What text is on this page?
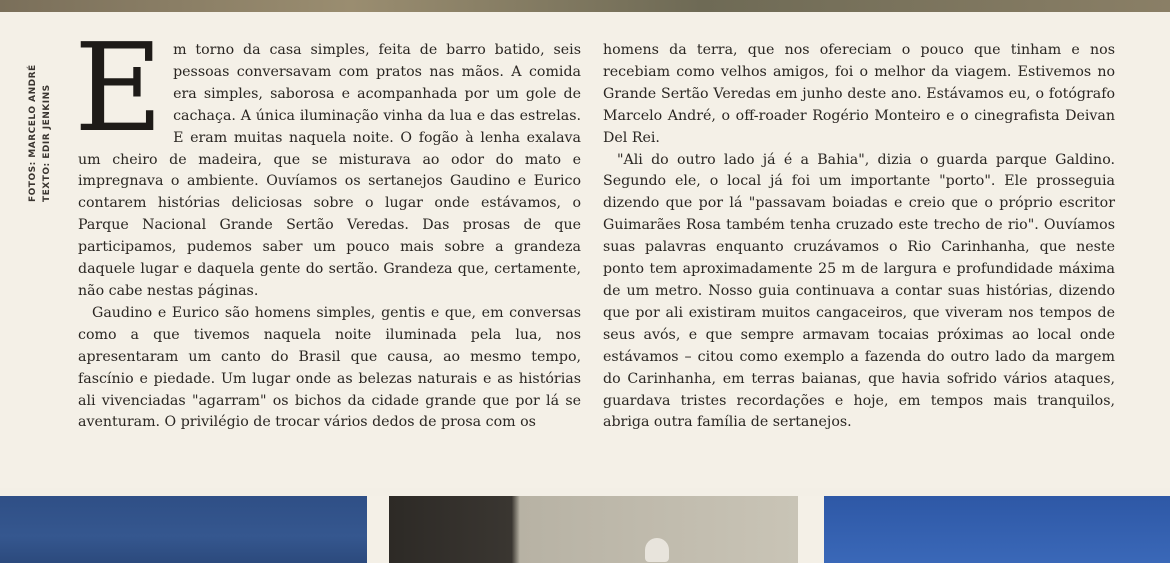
FOTOS: MARCELO ANDRÉ TEXTO: EDIR JENKINS E m torno da casa simples, feita de barro batido, seis pessoas conversavam com pratos nas mãos. A comida era simples, saborosa e acompanhada por um gole de cachaça. A única iluminação vinha da lua e das estrelas. E eram muitas naquela noite. O fogão à lenha exalava um cheiro de madeira, que se misturava ao odor do mato e impregnava o ambiente. Ouvíamos os sertanejos Gaudino e Eurico contarem histórias deliciosas sobre o lugar onde estávamos, o Parque Nacional Grande Sertão Veredas. Das prosas de que participamos, pudemos saber um pouco mais sobre a grandeza daquele lugar e daquela gente do sertão. Grandeza que, certamente, não cabe nestas páginas.

Gaudino e Eurico são homens simples, gentis e que, em conversas como a que tivemos naquela noite iluminada pela lua, nos apresentaram um canto do Brasil que causa, ao mesmo tempo, fascínio e piedade. Um lugar onde as belezas naturais e as histórias ali vivenciadas "agarram" os bichos da cidade grande que por lá se aventuram. O privilégio de trocar vários dedos de prosa com os

homens da terra, que nos ofereciam o pouco que tinham e nos recebiam como velhos amigos, foi o melhor da viagem. Estivemos no Grande Sertão Veredas em junho deste ano. Estávamos eu, o fotógrafo Marcelo André, o off-roader Rogério Monteiro e o cinegrafista Deivan Del Rei.

"Ali do outro lado já é a Bahia", dizia o guarda parque Galdino. Segundo ele, o local já foi um importante "porto". Ele prosseguia dizendo que por lá "passavam boiadas e creio que o próprio escritor Guimarães Rosa também tenha cruzado este trecho de rio". Ouvíamos suas palavras enquanto cruzávamos o Rio Carinhanha, que neste ponto tem aproximadamente 25 m de largura e profundidade máxima de um metro. Nosso guia continuava a contar suas histórias, dizendo que por ali existiram muitos cangaceiros, que viveram nos tempos de seus avós, e que sempre armavam tocaias próximas ao local onde estávamos – citou como exemplo a fazenda do outro lado da margem do Carinhanha, em terras baianas, que havia sofrido vários ataques, guardava tristes recordações e hoje, em tempos mais tranquilos, abriga outra família de sertanejos.
